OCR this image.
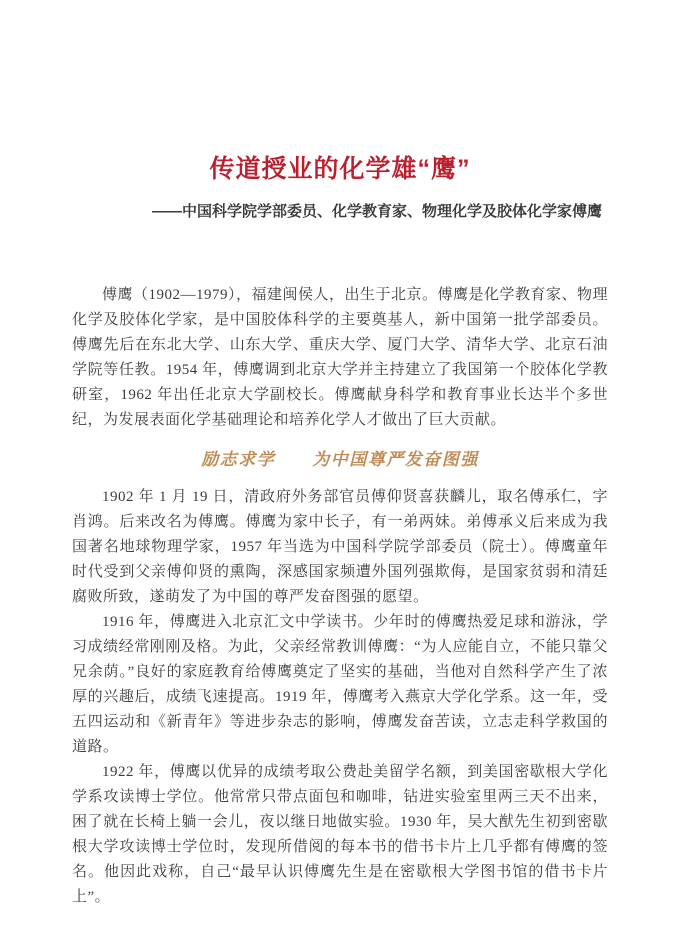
传道授业的化学雄“鹰”
——中国科学院学部委员、化学教育家、物理化学及胶体化学家傅鹰

傅鹰（1902—1979），福建闽侯人，出生于北京。傅鹰是化学教育家、物理化学及胶体化学家，是中国胶体科学的主要奠基人，新中国第一批学部委员。傅鹰先后在东北大学、山东大学、重庆大学、厦门大学、清华大学、北京石油学院等任教。1954 年，傅鹰调到北京大学并主持建立了我国第一个胶体化学教研室，1962 年出任北京大学副校长。傅鹰献身科学和教育事业长达半个多世纪，为发展表面化学基础理论和培养化学人才做出了巨大贡献。

励志求学　　为中国尊严发奋图强

1902 年 1 月 19 日，清政府外务部官员傅仰贤喜获麟儿，取名傅承仁，字肖鸿。后来改名为傅鹰。傅鹰为家中长子，有一弟两妹。弟傅承义后来成为我国著名地球物理学家，1957 年当选为中国科学院学部委员（院士）。傅鹰童年时代受到父亲傅仰贤的熏陶，深感国家频遭外国列强欺侮，是国家贫弱和清廷腐败所致，遂萌发了为中国的尊严发奋图强的愿望。

1916 年，傅鹰进入北京汇文中学读书。少年时的傅鹰热爱足球和游泳，学习成绩经常刚刚及格。为此，父亲经常教训傅鹰：“为人应能自立，不能只靠父兄余荫。”良好的家庭教育给傅鹰奠定了坚实的基础，当他对自然科学产生了浓厚的兴趣后，成绩飞速提高。1919 年，傅鹰考入燕京大学化学系。这一年，受五四运动和《新青年》等进步杂志的影响，傅鹰发奋苦读，立志走科学救国的道路。

1922 年，傅鹰以优异的成绩考取公费赴美留学名额，到美国密歇根大学化学系攻读博士学位。他常常只带点面包和咖啡，钻进实验室里两三天不出来，困了就在长椅上躺一会儿，夜以继日地做实验。1930 年，吴大猷先生初到密歇根大学攻读博士学位时，发现所借阅的每本书的借书卡片上几乎都有傅鹰的签名。他因此戏称，自己“最早认识傅鹰先生是在密歇根大学图书馆的借书卡片上”。
